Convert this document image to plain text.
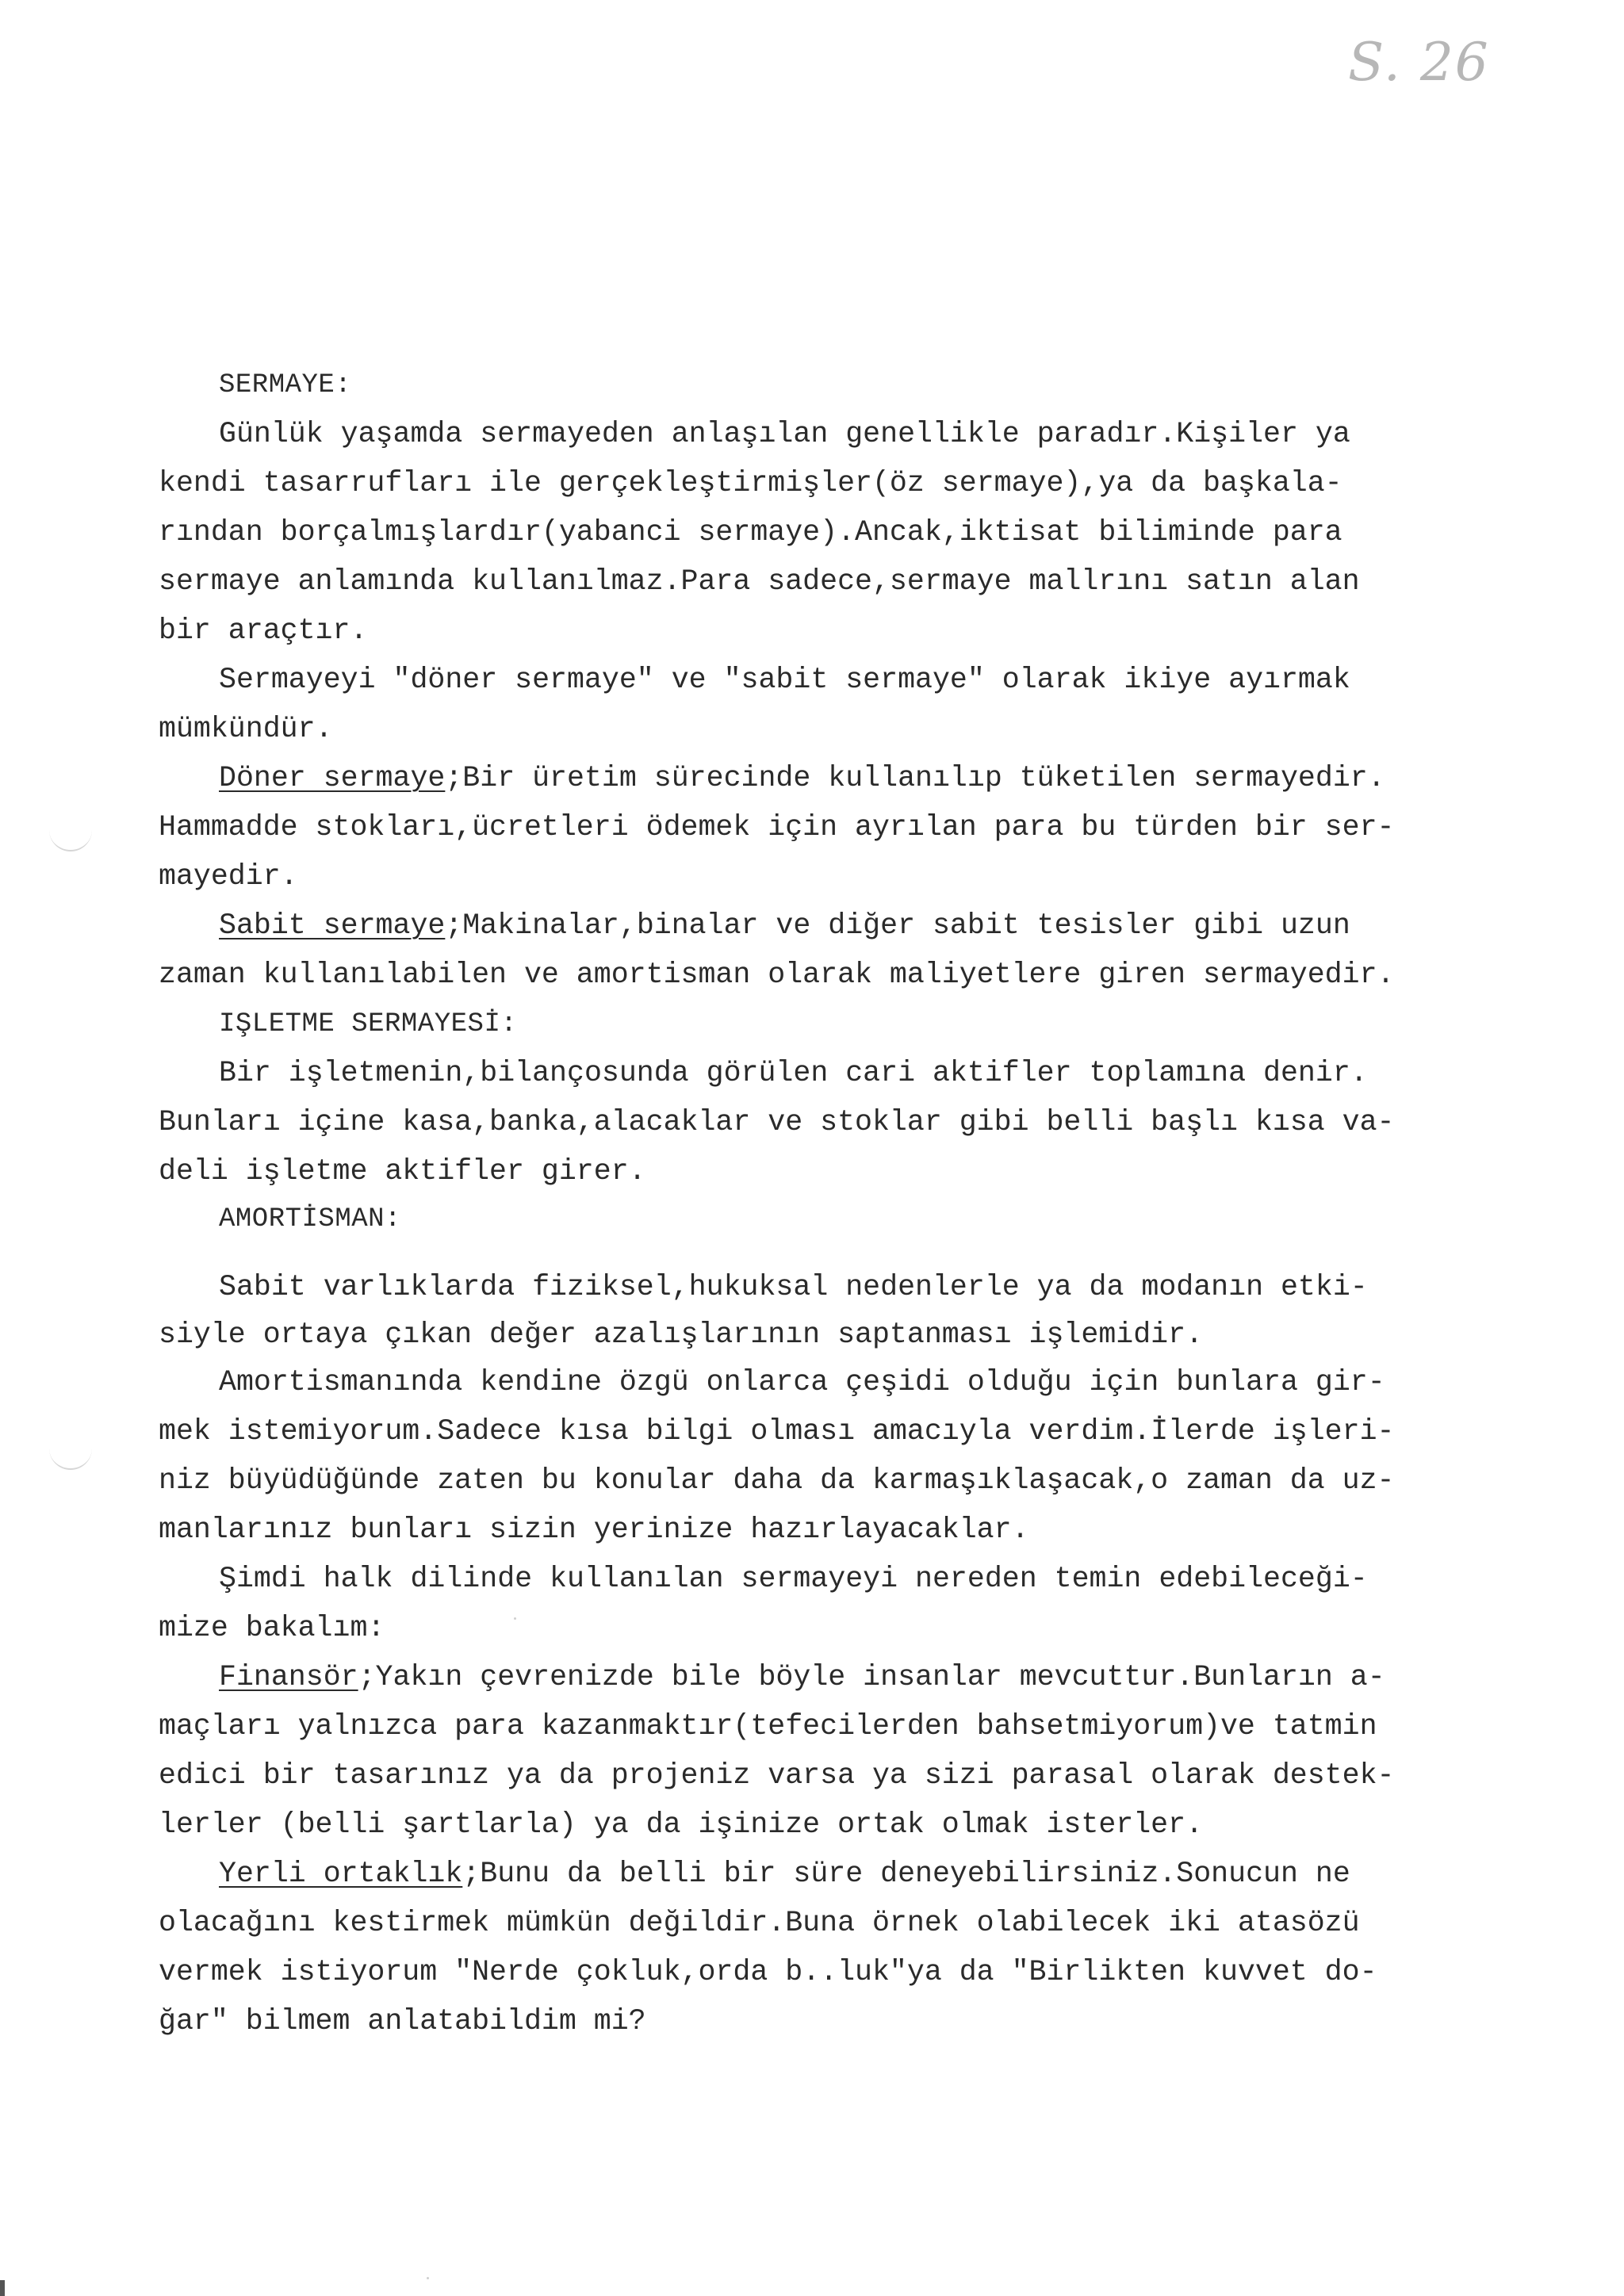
S. 26
SERMAYE:
Günlük yaşamda sermayeden anlaşılan genellikle paradır.Kişiler ya
kendi tasarrufları ile gerçekleştirmişler(öz sermaye),ya da başkala-
rından borçalmışlardır(yabanci sermaye).Ancak,iktisat biliminde para
sermaye anlamında kullanılmaz.Para sadece,sermaye mallrını satın alan
bir araçtır.
Sermayeyi "döner sermaye" ve "sabit sermaye" olarak ikiye ayırmak
mümkündür.
Döner sermaye;Bir üretim sürecinde kullanılıp tüketilen sermayedir.
Hammadde stokları,ücretleri ödemek için ayrılan para bu türden bir ser-
mayedir.
Sabit sermaye;Makinalar,binalar ve diğer sabit tesisler gibi uzun
zaman kullanılabilen ve amortisman olarak maliyetlere giren sermayedir.
IŞLETME SERMAYESİ:
Bir işletmenin,bilançosunda görülen cari aktifler toplamına denir.
Bunları içine kasa,banka,alacaklar ve stoklar gibi belli başlı kısa va-
deli işletme aktifler girer.
AMORTİSMAN:
Sabit varlıklarda fiziksel,hukuksal nedenlerle ya da modanın etki-
siyle ortaya çıkan değer azalışlarının saptanması işlemidir.
Amortismanında kendine özgü onlarca çeşidi olduğu için bunlara gir-
mek istemiyorum.Sadece kısa bilgi olması amacıyla verdim.İlerde işleri-
niz büyüdüğünde zaten bu konular daha da karmaşıklaşacak,o zaman da uz-
manlarınız bunları sizin yerinize hazırlayacaklar.
Şimdi halk dilinde kullanılan sermayeyi nereden temin edebileceği-
mize bakalım:
Finansör;Yakın çevrenizde bile böyle insanlar mevcuttur.Bunların a-
maçları yalnızca para kazanmaktır(tefecilerden bahsetmiyorum)ve tatmin
edici bir tasarınız ya da projeniz varsa ya sizi parasal olarak destek-
lerler (belli şartlarla) ya da işinize ortak olmak isterler.
Yerli ortaklık;Bunu da belli bir süre deneyebilirsiniz.Sonucun ne
olacağını kestirmek mümkün değildir.Buna örnek olabilecek iki atasözü
vermek istiyorum "Nerde çokluk,orda b..luk"ya da "Birlikten kuvvet do-
ğar" bilmem anlatabildim mi?
